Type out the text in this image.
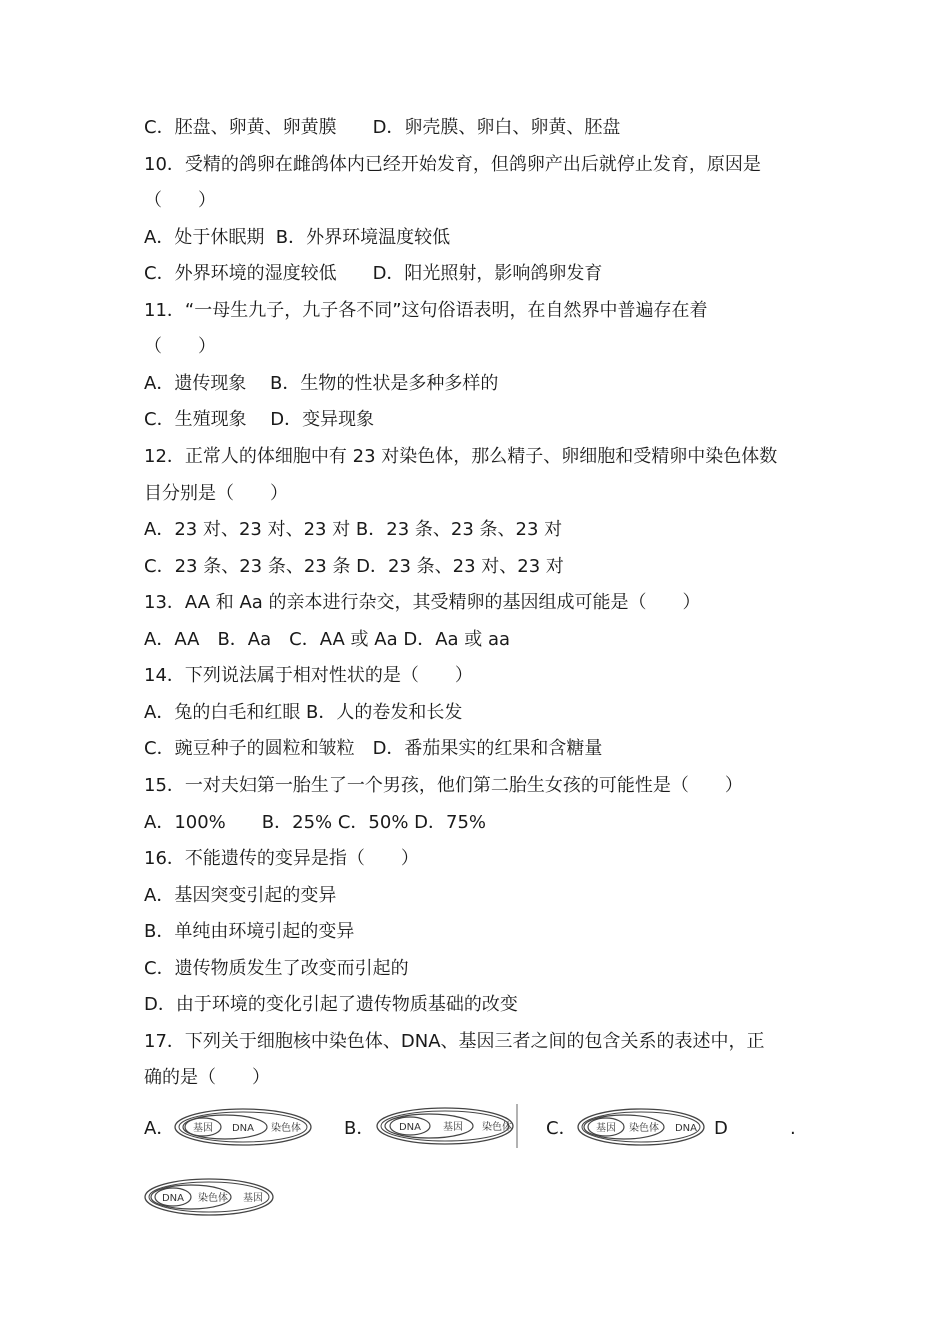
C．胚盘、卵黄、卵黄膜　　D．卵壳膜、卵白、卵黄、胚盘
10．受精的鸽卵在雌鸽体内已经开始发育，但鸽卵产出后就停止发育，原因是
（　　）
A．处于休眠期  B．外界环境温度较低
C．外界环境的湿度较低　　D．阳光照射，影响鸽卵发育
11．“一母生九子，九子各不同”这句俗语表明，在自然界中普遍存在着
（　　）
A．遗传现象　 B．生物的性状是多种多样的
C．生殖现象　 D．变异现象
12．正常人的体细胞中有 23 对染色体，那么精子、卵细胞和受精卵中染色体数
目分别是（　　）
A．23 对、23 对、23 对 B．23 条、23 条、23 对
C．23 条、23 条、23 条 D．23 条、23 对、23 对
13．AA 和 Aa 的亲本进行杂交，其受精卵的基因组成可能是（　　）
A．AA　B．Aa　C．AA 或 Aa D．Aa 或 aa
14．下列说法属于相对性状的是（　　）
A．兔的白毛和红眼 B．人的卷发和长发
C．豌豆种子的圆粒和皱粒　D．番茄果实的红果和含糖量
15．一对夫妇第一胎生了一个男孩，他们第二胎生女孩的可能性是（　　）
A．100%　　B．25% C．50% D．75%
16．不能遗传的变异是指（　　）
A．基因突变引起的变异
B．单纯由环境引起的变异
C．遗传物质发生了改变而引起的
D．由于环境的变化引起了遗传物质基础的改变
17．下列关于细胞核中染色体、DNA、基因三者之间的包含关系的表述中，正
确的是（　　）
A．	B．	C．	D	.
基因 DNA 染色体	DNA 基因 染色体	基因 染色体 DNA
DNA 染色体 基因
